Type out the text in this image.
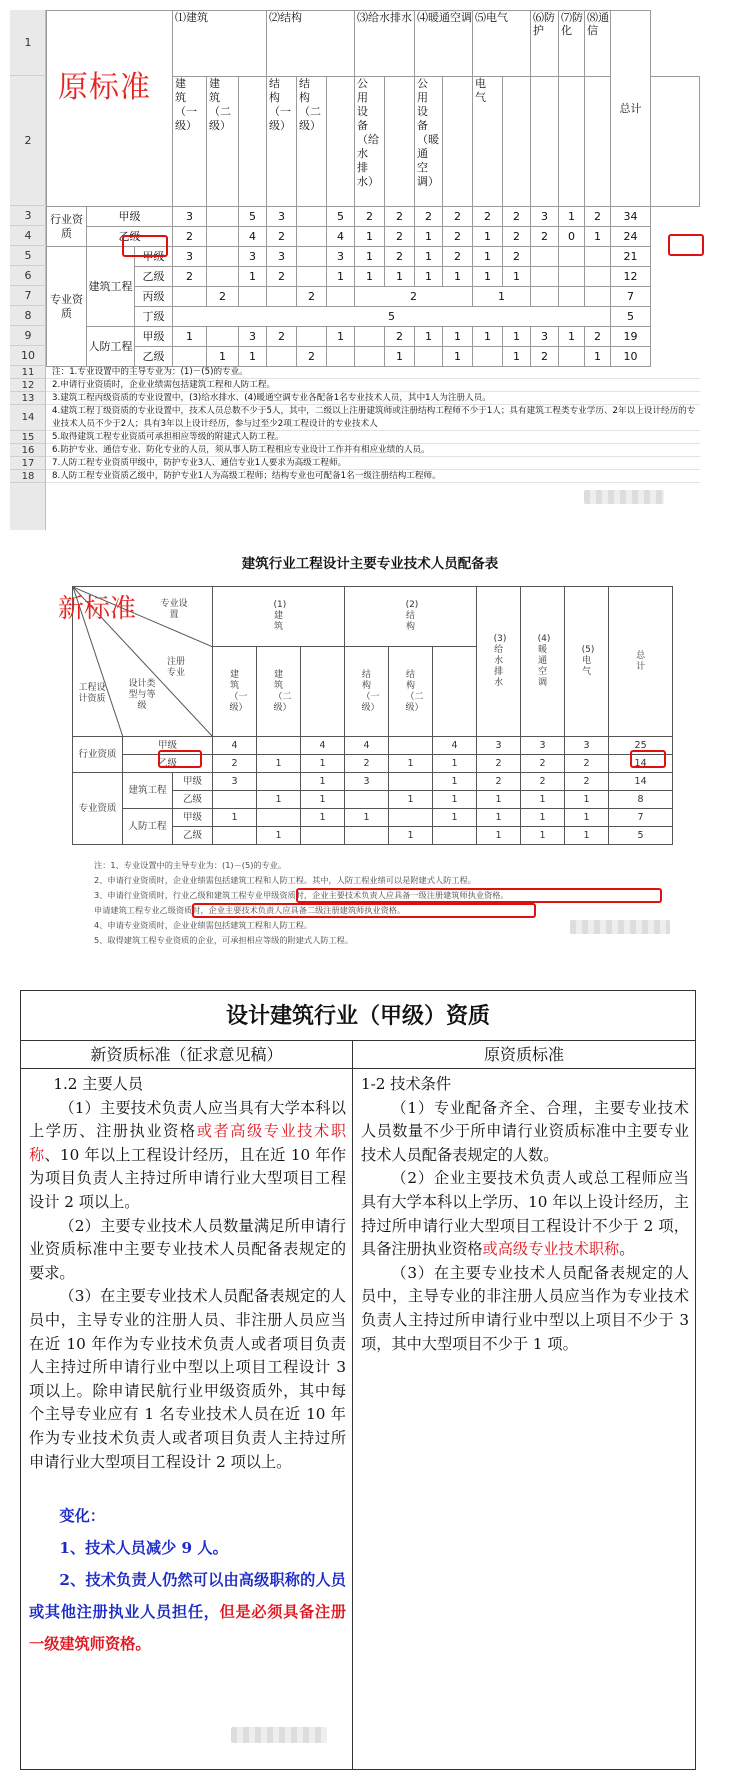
1
2
3
4
5
6
7
8
9
10
11
12
13
14
15
16
17
18
			⑴建筑			⑵结构			⑶给水排水		⑷暖通空调		⑸电气		⑹防护	⑺防化	⑻通信	总计	
			建筑（一级）	建筑（二级）		结构（一级）	结构（二级）		公用设备（给水排水）		公用设备（暖通空调）		电气						
行业资质	甲级		3		5	3		5	2	2	2	2	2	2	3	1	2	34	
	乙级		2		4	2		4	1	2	1	2	1	2	2	0	1	24	
专业资质	建筑工程	甲级	3		3	3		3	1	2	1	2	1	2				21	
		乙级	2		1	2		1	1	1	1	1	1	1				12	
		丙级		2			2		2				1					7	
		丁级	5															5	
	人防工程	甲级	1		3	2		1		2	1	1	1	1	3	1	2	19	
		乙级		1	1		2			1		1		1	2		1	10	
注：1.专业设置中的主导专业为：(1)－(5)的专业。
2.申请行业资质时，企业业绩需包括建筑工程和人防工程。
3.建筑工程丙级资质的专业设置中，(3)给水排水、(4)暖通空调专业各配备1名专业技术人员，其中1人为注册人员。
4.建筑工程丁级资质的专业设置中，技术人员总数不少于5人，其中，二级以上注册建筑师或注册结构工程师不少于1人；具有建筑工程类专业学历、2年以上设计经历的专业技术人员不少于2人；具有3年以上设计经历，参与过至少2项工程设计的专业技术人
5.取得建筑工程专业资质可承担相应等级的附建式人防工程。
6.防护专业、通信专业、防化专业的人员，须从事人防工程相应专业设计工作并有相应业绩的人员。
7.人防工程专业资质甲级中，防护专业3人、通信专业1人要求为高级工程师。
8.人防工程专业资质乙级中，防护专业1人为高级工程师；结构专业也可配备1名一级注册结构工程师。
原标准
建筑行业工程设计主要专业技术人员配备表
专业设置
注册专业
设计类型与等级
工程设计资质			(1)建筑			(2)结构			(3)给水排水	(4)暖通空调	(5)电气	总计
			建筑（一级）	建筑（二级）		结构（一级）	结构（二级）					
行业资质	甲级		4		4	4		4	3	3	3	25
	乙级		2	1	1	2	1	1	2	2	2	14
专业资质	建筑工程	甲级	3		1	3		1	2	2	2	14
		乙级		1	1		1	1	1	1	1	8
	人防工程	甲级	1		1	1		1	1	1	1	7
		乙级		1			1		1	1	1	5
注：1、专业设置中的主导专业为：(1)－(5)的专业。
2、申请行业资质时，企业业绩需包括建筑工程和人防工程。其中，人防工程业绩可以是附建式人防工程。
3、申请行业资质时，行业乙级和建筑工程专业甲级资质时，企业主要技术负责人应具备一级注册建筑师执业资格。
申请建筑工程专业乙级资质时，企业主要技术负责人应具备二级注册建筑师执业资格。
4、申请专业资质时，企业业绩需包括建筑工程和人防工程。
5、取得建筑工程专业资质的企业，可承担相应等级的附建式人防工程。
新标准
设计建筑行业（甲级）资质
新资质标准（征求意见稿）

1.2 主要人员

（1）主要技术负责人应当具有大学本科以上学历、注册执业资格或者高级专业技术职称、10 年以上工程设计经历，且在近 10 年作为项目负责人主持过所申请行业大型项目工程设计 2 项以上。

（2）主要专业技术人员数量满足所申请行业资质标准中主要专业技术人员配备表规定的要求。

（3）在主要专业技术人员配备表规定的人员中，主导专业的注册人员、非注册人员应当在近 10 年作为专业技术负责人或者项目负责人主持过所申请行业中型以上项目工程设计 3 项以上。除申请民航行业甲级资质外，其中每个主导专业应有 1 名专业技术人员在近 10 年作为专业技术负责人或者项目负责人主持过所申请行业大型项目工程设计 2 项以上。

变化：

1、技术人员减少 9 人。

2、技术负责人仍然可以由高级职称的人员或其他注册执业人员担任，但是必须具备注册一级建筑师资格。

原资质标准

1-2 技术条件

（1）专业配备齐全、合理，主要专业技术人员数量不少于所申请行业资质标准中主要专业技术人员配备表规定的人数。

（2）企业主要技术负责人或总工程师应当具有大学本科以上学历、10 年以上设计经历，主持过所申请行业大型项目工程设计不少于 2 项，具备注册执业资格或高级专业技术职称。

（3）在主要专业技术人员配备表规定的人员中，主导专业的非注册人员应当作为专业技术负责人主持过所申请行业中型以上项目不少于 3 项，其中大型项目不少于 1 项。
